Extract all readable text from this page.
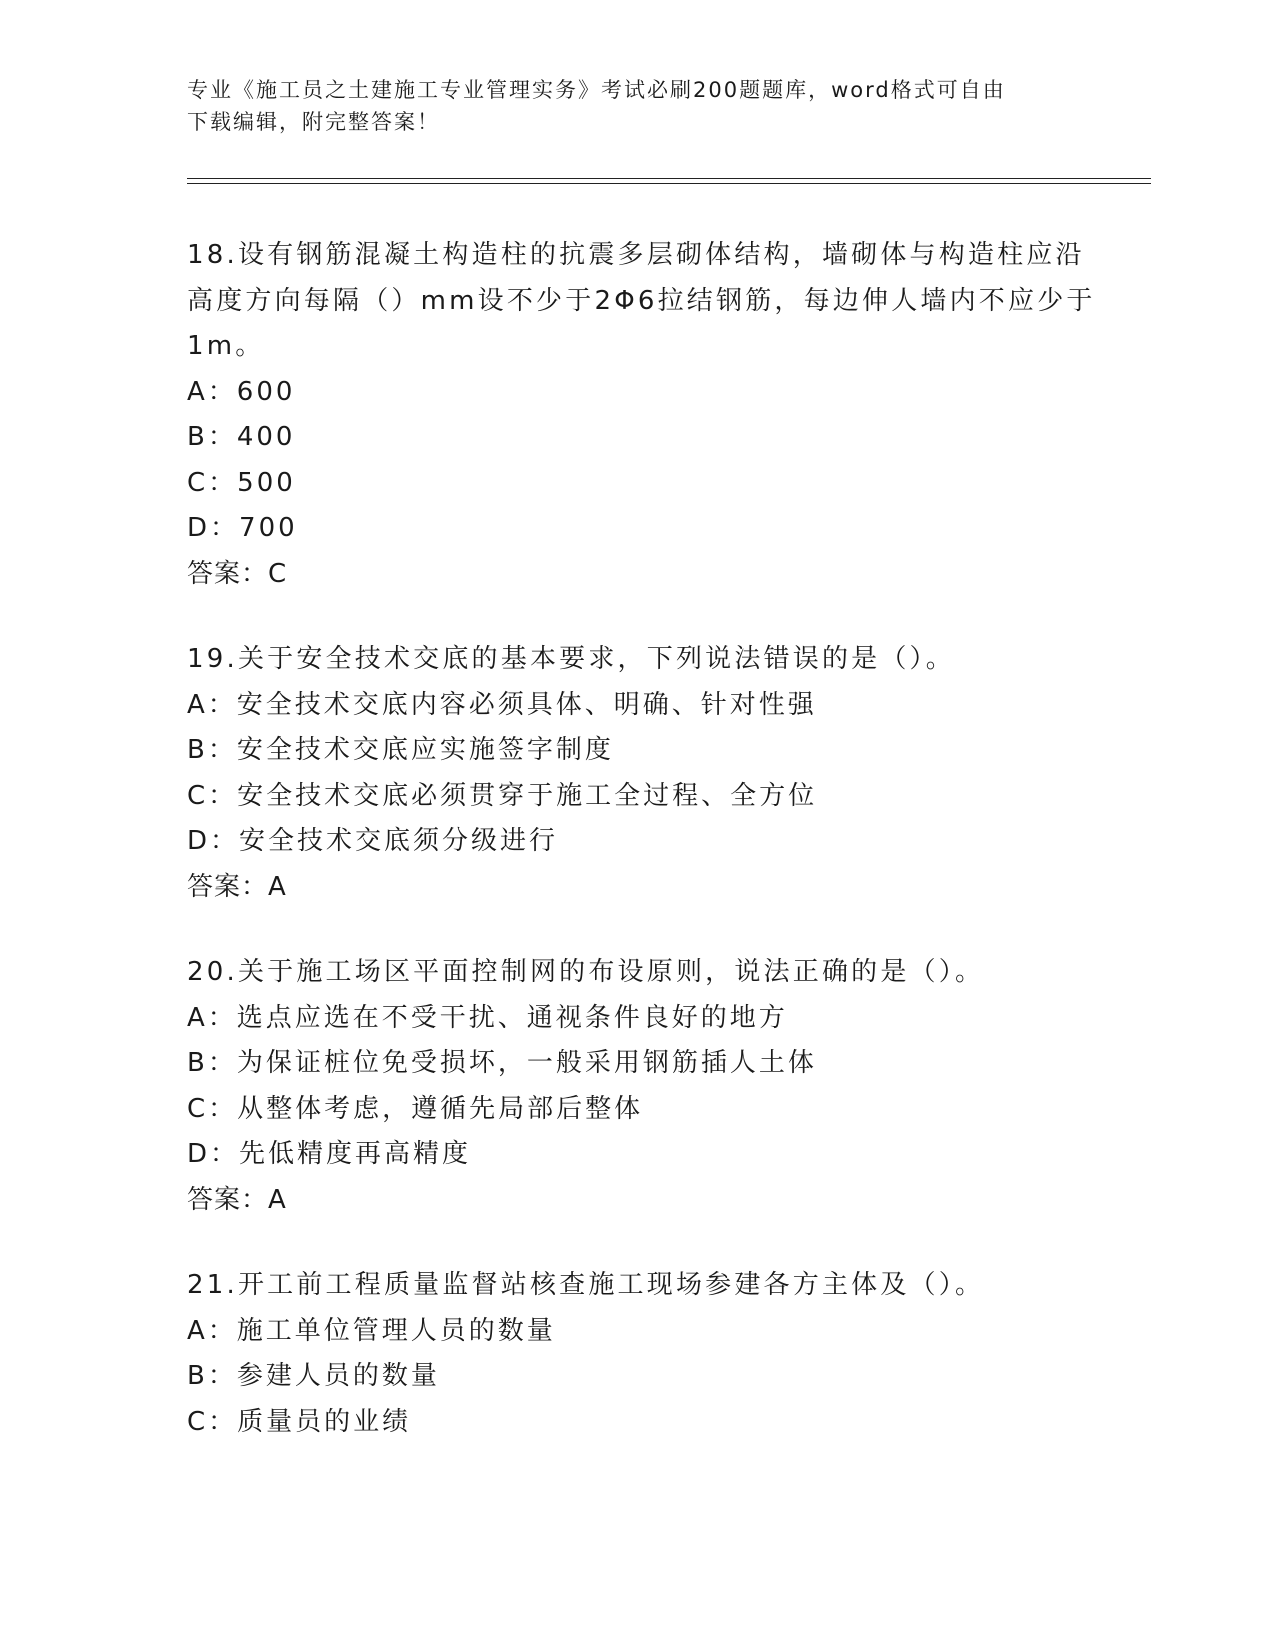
专业《施工员之土建施工专业管理实务》考试必刷200题题库，word格式可自由
下载编辑，附完整答案！
18.设有钢筋混凝土构造柱的抗震多层砌体结构，墙砌体与构造柱应沿
高度方向每隔（）mm设不少于2Φ6拉结钢筋，每边伸人墙内不应少于
1m。
A：600
B：400
C：500
D：700
答案：C
19.关于安全技术交底的基本要求，下列说法错误的是（）。
A：安全技术交底内容必须具体、明确、针对性强
B：安全技术交底应实施签字制度
C：安全技术交底必须贯穿于施工全过程、全方位
D：安全技术交底须分级进行
答案：A
20.关于施工场区平面控制网的布设原则，说法正确的是（）。
A：选点应选在不受干扰、通视条件良好的地方
B：为保证桩位免受损坏，一般采用钢筋插人土体
C：从整体考虑，遵循先局部后整体
D：先低精度再高精度
答案：A
21.开工前工程质量监督站核查施工现场参建各方主体及（）。
A：施工单位管理人员的数量
B：参建人员的数量
C：质量员的业绩
